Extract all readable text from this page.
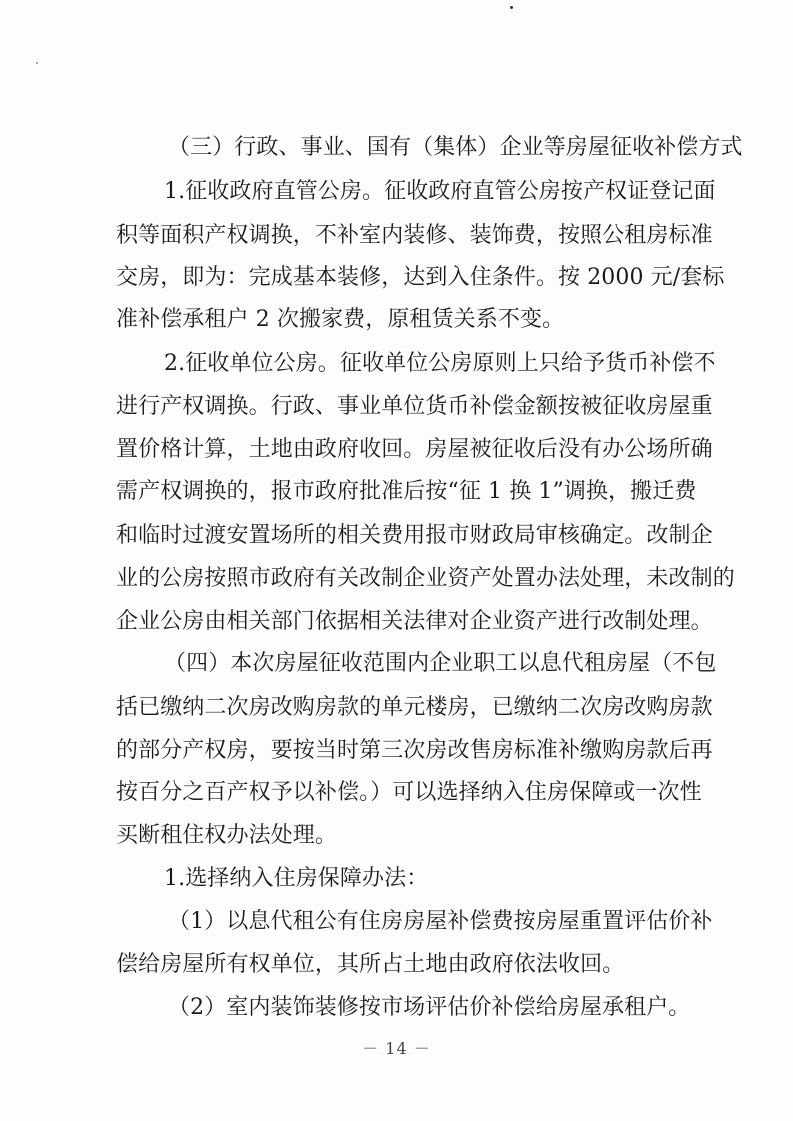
（三）行政、事业、国有（集体）企业等房屋征收补偿方式
1.征收政府直管公房。征收政府直管公房按产权证登记面
积等面积产权调换，不补室内装修、装饰费，按照公租房标准
交房，即为：完成基本装修，达到入住条件。按 2000 元/套标
准补偿承租户 2 次搬家费，原租赁关系不变。
2.征收单位公房。征收单位公房原则上只给予货币补偿不
进行产权调换。行政、事业单位货币补偿金额按被征收房屋重
置价格计算，土地由政府收回。房屋被征收后没有办公场所确
需产权调换的，报市政府批准后按“征 1 换 1”调换，搬迁费
和临时过渡安置场所的相关费用报市财政局审核确定。改制企
业的公房按照市政府有关改制企业资产处置办法处理，未改制的
企业公房由相关部门依据相关法律对企业资产进行改制处理。
（四）本次房屋征收范围内企业职工以息代租房屋（不包
括已缴纳二次房改购房款的单元楼房，已缴纳二次房改购房款
的部分产权房，要按当时第三次房改售房标准补缴购房款后再
按百分之百产权予以补偿。）可以选择纳入住房保障或一次性
买断租住权办法处理。
1.选择纳入住房保障办法：
（1）以息代租公有住房房屋补偿费按房屋重置评估价补
偿给房屋所有权单位，其所占土地由政府依法收回。
（2）室内装饰装修按市场评估价补偿给房屋承租户。
－ 14 －
